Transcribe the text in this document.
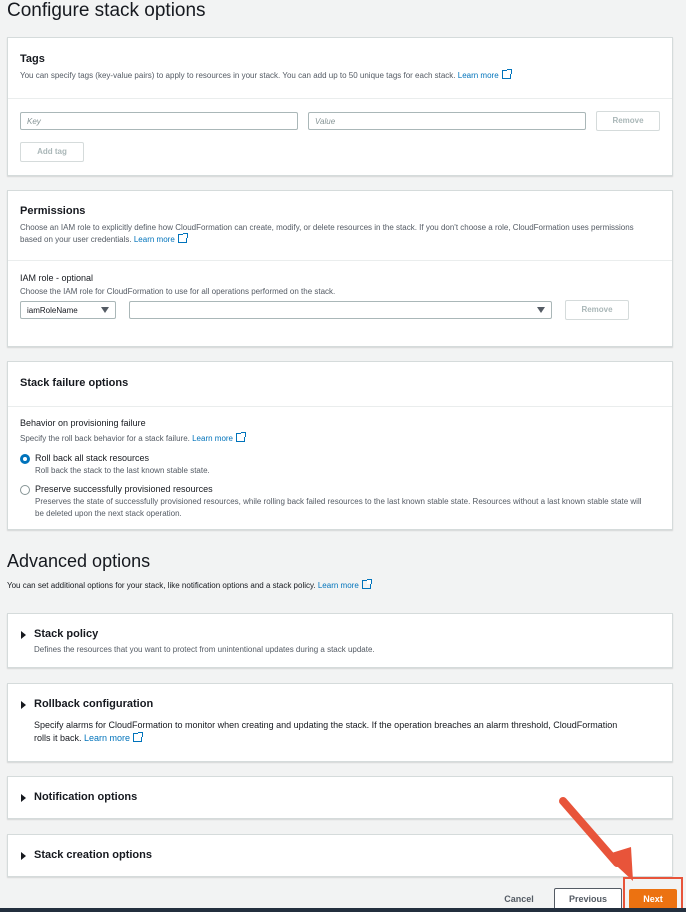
Configure stack options
Tags
You can specify tags (key-value pairs) to apply to resources in your stack. You can add up to 50 unique tags for each stack. Learn more
Key	Value	Remove
Add tag
Permissions
Choose an IAM role to explicitly define how CloudFormation can create, modify, or delete resources in the stack. If you don't choose a role, CloudFormation uses permissions
based on your user credentials. Learn more
IAM role - optional
Choose the IAM role for CloudFormation to use for all operations performed on the stack.
iamRoleName	Remove
Stack failure options
Behavior on provisioning failure
Specify the roll back behavior for a stack failure. Learn more
Roll back all stack resources
Roll back the stack to the last known stable state.
Preserve successfully provisioned resources
Preserves the state of successfully provisioned resources, while rolling back failed resources to the last known stable state. Resources without a last known stable state will
be deleted upon the next stack operation.
Advanced options
You can set additional options for your stack, like notification options and a stack policy. Learn more
Stack policy
Defines the resources that you want to protect from unintentional updates during a stack update.
Rollback configuration
Specify alarms for CloudFormation to monitor when creating and updating the stack. If the operation breaches an alarm threshold, CloudFormation
rolls it back. Learn more
Notification options
Stack creation options
Cancel	Previous	Next
